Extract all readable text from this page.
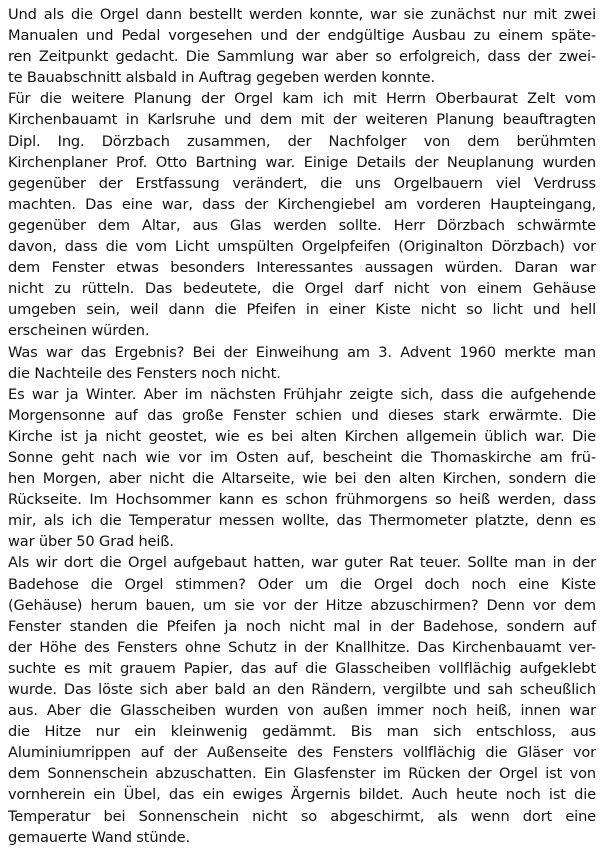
Und als die Orgel dann bestellt werden konnte, war sie zunächst nur mit zwei
Manualen und Pedal vorgesehen und der endgültige Ausbau zu einem späte-
ren Zeitpunkt gedacht. Die Sammlung war aber so erfolgreich, dass der zwei-
te Bauabschnitt alsbald in Auftrag gegeben werden konnte.
Für die weitere Planung der Orgel kam ich mit Herrn Oberbaurat Zelt vom
Kirchenbauamt in Karlsruhe und dem mit der weiteren Planung beauftragten
Dipl. Ing. Dörzbach zusammen, der Nachfolger von dem berühmten
Kirchenplaner Prof. Otto Bartning war. Einige Details der Neuplanung wurden
gegenüber der Erstfassung verändert, die uns Orgelbauern viel Verdruss
machten. Das eine war, dass der Kirchengiebel am vorderen Haupteingang,
gegenüber dem Altar, aus Glas werden sollte. Herr Dörzbach schwärmte
davon, dass die vom Licht umspülten Orgelpfeifen (Originalton Dörzbach) vor
dem Fenster etwas besonders Interessantes aussagen würden. Daran war
nicht zu rütteln. Das bedeutete, die Orgel darf nicht von einem Gehäuse
umgeben sein, weil dann die Pfeifen in einer Kiste nicht so licht und hell
erscheinen würden.
Was war das Ergebnis? Bei der Einweihung am 3. Advent 1960 merkte man
die Nachteile des Fensters noch nicht.
Es war ja Winter. Aber im nächsten Frühjahr zeigte sich, dass die aufgehende
Morgensonne auf das große Fenster schien und dieses stark erwärmte. Die
Kirche ist ja nicht geostet, wie es bei alten Kirchen allgemein üblich war. Die
Sonne geht nach wie vor im Osten auf, bescheint die Thomaskirche am frü-
hen Morgen, aber nicht die Altarseite, wie bei den alten Kirchen, sondern die
Rückseite. Im Hochsommer kann es schon frühmorgens so heiß werden, dass
mir, als ich die Temperatur messen wollte, das Thermometer platzte, denn es
war über 50 Grad heiß.
Als wir dort die Orgel aufgebaut hatten, war guter Rat teuer. Sollte man in der
Badehose die Orgel stimmen? Oder um die Orgel doch noch eine Kiste
(Gehäuse) herum bauen, um sie vor der Hitze abzuschirmen? Denn vor dem
Fenster standen die Pfeifen ja noch nicht mal in der Badehose, sondern auf
der Höhe des Fensters ohne Schutz in der Knallhitze. Das Kirchenbauamt ver-
suchte es mit grauem Papier, das auf die Glasscheiben vollflächig aufgeklebt
wurde. Das löste sich aber bald an den Rändern, vergilbte und sah scheußlich
aus. Aber die Glasscheiben wurden von außen immer noch heiß, innen war
die Hitze nur ein kleinwenig gedämmt. Bis man sich entschloss, aus
Aluminiumrippen auf der Außenseite des Fensters vollflächig die Gläser vor
dem Sonnenschein abzuschatten. Ein Glasfenster im Rücken der Orgel ist von
vornherein ein Übel, das ein ewiges Ärgernis bildet. Auch heute noch ist die
Temperatur bei Sonnenschein nicht so abgeschirmt, als wenn dort eine
gemauerte Wand stünde.
